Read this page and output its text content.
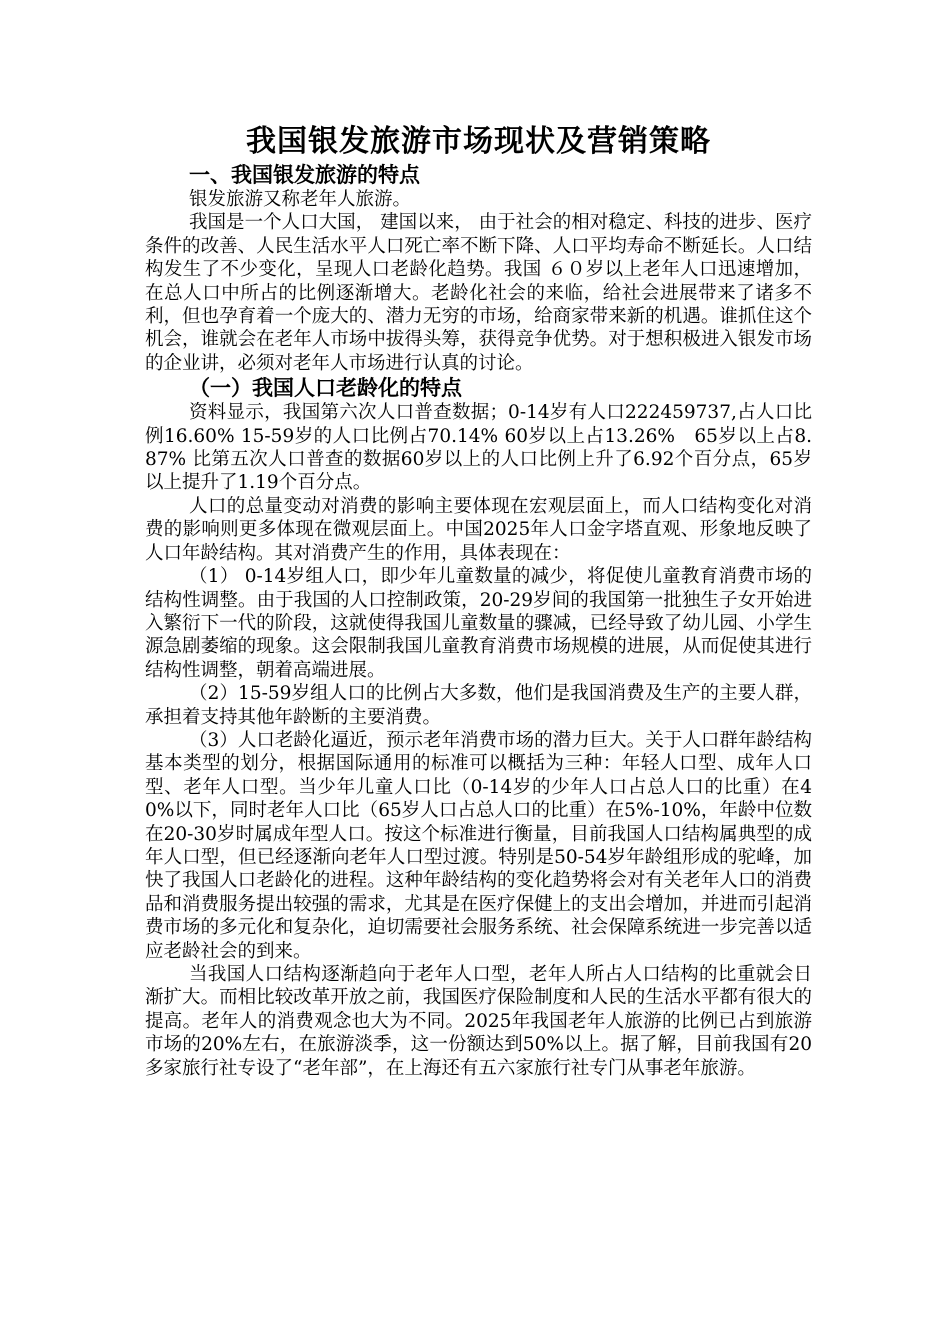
我国银发旅游市场现状及营销策略
一、我国银发旅游的特点

银发旅游又称老年人旅游。

我国是一个人口大国， 建国以来， 由于社会的相对稳定、科技的进步、医疗条件的改善、人民生活水平人口死亡率不断下降、人口平均寿命不断延长。人口结构发生了不少变化，呈现人口老龄化趋势。我国 ６０岁以上老年人口迅速增加，在总人口中所占的比例逐渐增大。老龄化社会的来临，给社会进展带来了诸多不利，但也孕育着一个庞大的、潜力无穷的市场，给商家带来新的机遇。谁抓住这个机会，谁就会在老年人市场中拔得头筹，获得竞争优势。对于想积极进入银发市场的企业讲，必须对老年人市场进行认真的讨论。

（一）我国人口老龄化的特点

资料显示，我国第六次人口普查数据；0-14岁有人口222459737,占人口比例16.60% 15-59岁的人口比例占70.14% 60岁以上占13.26%　65岁以上占8.87% 比第五次人口普查的数据60岁以上的人口比例上升了6.92个百分点，65岁以上提升了1.19个百分点。

人口的总量变动对消费的影响主要体现在宏观层面上，而人口结构变化对消费的影响则更多体现在微观层面上。中国2025年人口金字塔直观、形象地反映了人口年龄结构。其对消费产生的作用，具体表现在：

（1） 0-14岁组人口，即少年儿童数量的减少，将促使儿童教育消费市场的结构性调整。由于我国的人口控制政策，20-29岁间的我国第一批独生子女开始进入繁衍下一代的阶段，这就使得我国儿童数量的骤减，已经导致了幼儿园、小学生源急剧萎缩的现象。这会限制我国儿童教育消费市场规模的进展，从而促使其进行结构性调整，朝着高端进展。

（2）15-59岁组人口的比例占大多数，他们是我国消费及生产的主要人群，承担着支持其他年龄断的主要消费。

（3）人口老龄化逼近，预示老年消费市场的潜力巨大。关于人口群年龄结构基本类型的划分，根据国际通用的标准可以概括为三种：年轻人口型、成年人口型、老年人口型。当少年儿童人口比（0-14岁的少年人口占总人口的比重）在40%以下，同时老年人口比（65岁人口占总人口的比重）在5%-10%，年龄中位数在20-30岁时属成年型人口。按这个标准进行衡量，目前我国人口结构属典型的成年人口型，但已经逐渐向老年人口型过渡。特别是50-54岁年龄组形成的驼峰，加快了我国人口老龄化的进程。这种年龄结构的变化趋势将会对有关老年人口的消费品和消费服务提出较强的需求，尤其是在医疗保健上的支出会增加，并进而引起消费市场的多元化和复杂化，迫切需要社会服务系统、社会保障系统进一步完善以适应老龄社会的到来。

当我国人口结构逐渐趋向于老年人口型，老年人所占人口结构的比重就会日渐扩大。而相比较改革开放之前，我国医疗保险制度和人民的生活水平都有很大的提高。老年人的消费观念也大为不同。2025年我国老年人旅游的比例已占到旅游市场的20%左右，在旅游淡季，这一份额达到50%以上。据了解，目前我国有20多家旅行社专设了“老年部”，在上海还有五六家旅行社专门从事老年旅游。
